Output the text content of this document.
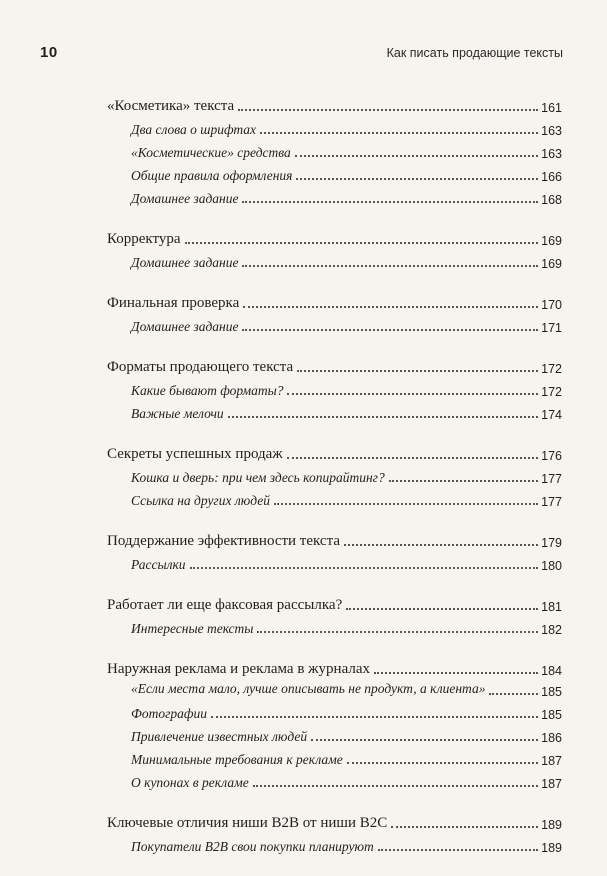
10	Как писать продающие тексты
«Косметика» текста	161
Два слова о шрифтах	163
«Косметические» средства	163
Общие правила оформления	166
Домашнее задание	168
Корректура	169
Домашнее задание	169
Финальная проверка	170
Домашнее задание	171
Форматы продающего текста	172
Какие бывают форматы?	172
Важные мелочи	174
Секреты успешных продаж	176
Кошка и дверь: при чем здесь копирайтинг?	177
Ссылка на других людей	177
Поддержание эффективности текста	179
Рассылки	180
Работает ли еще факсовая рассылка?	181
Интересные тексты	182
Наружная реклама и реклама в журналах	184
«Если места мало, лучше описывать не продукт, а клиента»	185
Фотографии	185
Привлечение известных людей	186
Минимальные требования к рекламе	187
О купонах в рекламе	187
Ключевые отличия ниши B2B от ниши B2C	189
Покупатели B2B свои покупки планируют	189
